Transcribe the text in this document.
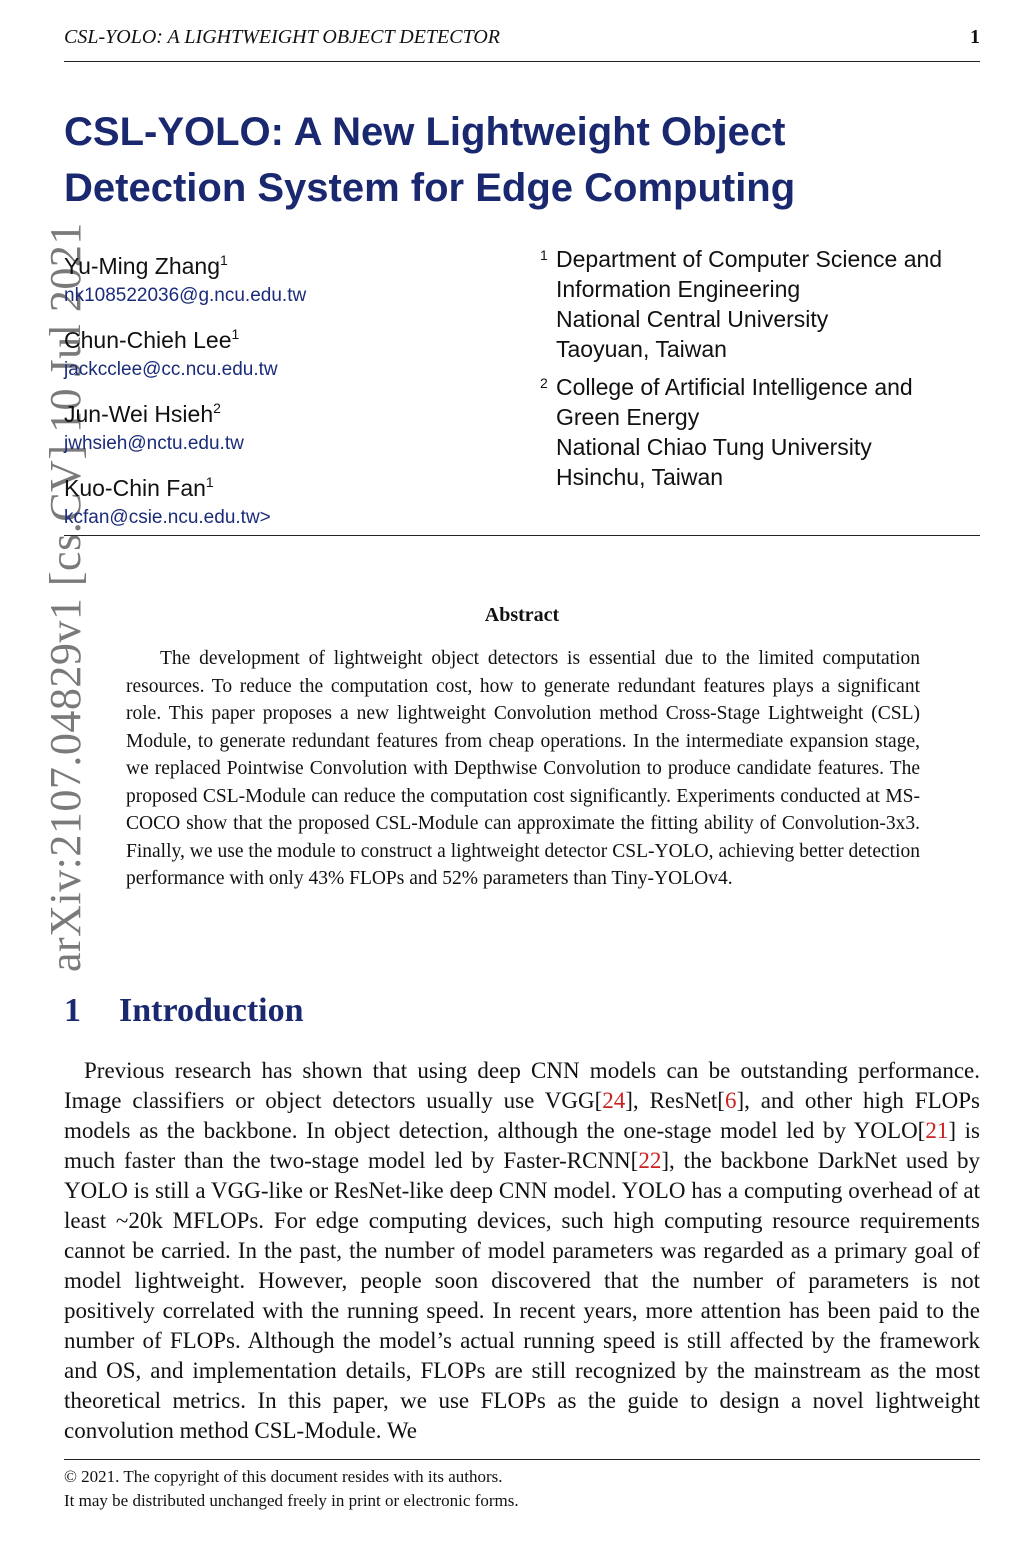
CSL-YOLO: A LIGHTWEIGHT OBJECT DETECTOR	1
arXiv:2107.04829v1 [cs.CV] 10 Jul 2021
CSL-YOLO: A New Lightweight Object Detection System for Edge Computing
Yu-Ming Zhang$^1$
nk108522036@g.ncu.edu.tw
Chun-Chieh Lee$^1$
jackcclee@cc.ncu.edu.tw
Jun-Wei Hsieh$^2$
jwhsieh@nctu.edu.tw
Kuo-Chin Fan$^1$
kcfan@csie.ncu.edu.tw>
1 Department of Computer Science and
Information Engineering
National Central University
Taoyuan, Taiwan
2 College of Artificial Intelligence and
Green Energy
National Chiao Tung University
Hsinchu, Taiwan
Abstract

The development of lightweight object detectors is essential due to the limited computation resources. To reduce the computation cost, how to generate redundant features plays a significant role. This paper proposes a new lightweight Convolution method Cross-Stage Lightweight (CSL) Module, to generate redundant features from cheap operations. In the intermediate expansion stage, we replaced Pointwise Convolution with Depthwise Convolution to produce candidate features. The proposed CSL-Module can reduce the computation cost significantly. Experiments conducted at MS-COCO show that the proposed CSL-Module can approximate the fitting ability of Convolution-3x3. Finally, we use the module to construct a lightweight detector CSL-YOLO, achieving better detection performance with only 43% FLOPs and 52% parameters than Tiny-YOLOv4.

1 Introduction

Previous research has shown that using deep CNN models can be outstanding performance. Image classifiers or object detectors usually use VGG[24], ResNet[6], and other high FLOPs models as the backbone. In object detection, although the one-stage model led by YOLO[21] is much faster than the two-stage model led by Faster-RCNN[22], the backbone DarkNet used by YOLO is still a VGG-like or ResNet-like deep CNN model. YOLO has a computing overhead of at least ~20k MFLOPs. For edge computing devices, such high computing resource requirements cannot be carried. In the past, the number of model parameters was regarded as a primary goal of model lightweight. However, people soon discovered that the number of parameters is not positively correlated with the running speed. In recent years, more attention has been paid to the number of FLOPs. Although the model’s actual running speed is still affected by the framework and OS, and implementation details, FLOPs are still recognized by the mainstream as the most theoretical metrics. In this paper, we use FLOPs as the guide to design a novel lightweight convolution method CSL-Module. We

© 2021. The copyright of this document resides with its authors.
It may be distributed unchanged freely in print or electronic forms.
